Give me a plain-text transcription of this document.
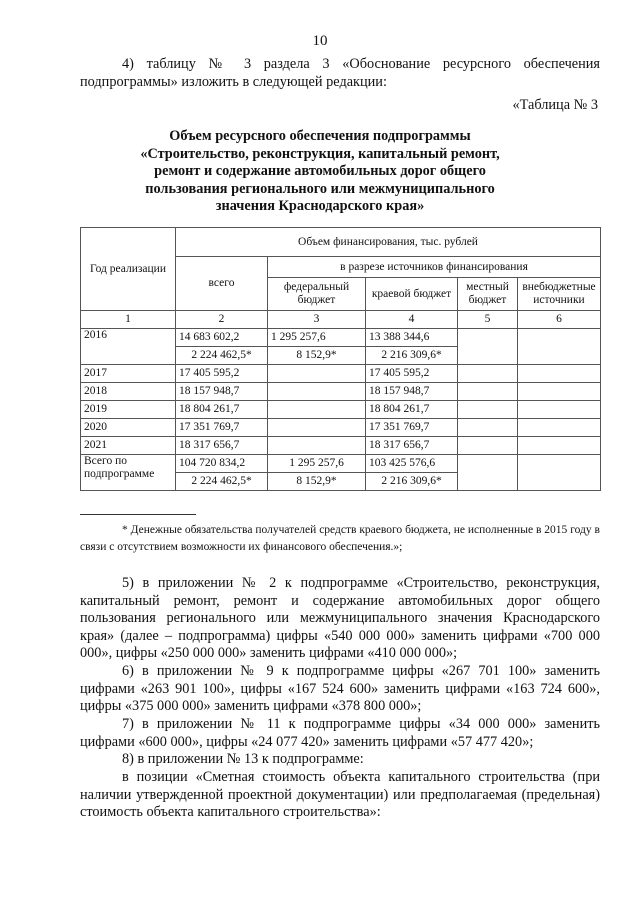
10
4) таблицу № 3 раздела 3 «Обоснование ресурсного обеспечения
подпрограммы» изложить в следующей редакции:
«Таблица № 3
Объем ресурсного обеспечения подпрограммы
«Строительство, реконструкция, капитальный ремонт,
ремонт и содержание автомобильных дорог общего
пользования регионального или межмуниципального
значения Краснодарского края»
Год реализации	Объем финансирования, тыс. рублей				
	всего	в разрезе источников финансирования			
		федеральный бюджет	краевой бюджет	местный бюджет	внебюджетные источники
1	2	3	4	5	6
2016	14 683 602,2	1 295 257,6	13 388 344,6		
	2 224 462,5*	8 152,9*	2 216 309,6*		
2017	17 405 595,2		17 405 595,2		
2018	18 157 948,7		18 157 948,7		
2019	18 804 261,7		18 804 261,7		
2020	17 351 769,7		17 351 769,7		
2021	18 317 656,7		18 317 656,7		
Всего по подпрограмме	104 720 834,2	1 295 257,6	103 425 576,6		
	2 224 462,5*	8 152,9*	2 216 309,6*		
* Денежные обязательства получателей средств краевого бюджета, не исполненные в 2015 году в связи с отсутствием возможности их финансового обеспечения.»;
5) в приложении № 2 к подпрограмме «Строительство, реконструкция, капитальный ремонт, ремонт и содержание автомобильных дорог общего пользования регионального или межмуниципального значения Краснодарского края» (далее – подпрограмма) цифры «540 000 000» заменить цифрами «700 000 000», цифры «250 000 000» заменить цифрами «410 000 000»;
6) в приложении № 9 к подпрограмме цифры «267 701 100» заменить цифрами «263 901 100», цифры «167 524 600» заменить цифрами «163 724 600», цифры «375 000 000» заменить цифрами «378 800 000»;
7) в приложении № 11 к подпрограмме цифры «34 000 000» заменить цифрами «600 000», цифры «24 077 420» заменить цифрами «57 477 420»;
8) в приложении № 13 к подпрограмме:
в позиции «Сметная стоимость объекта капитального строительства (при наличии утвержденной проектной документации) или предполагаемая (предельная) стоимость объекта капитального строительства»:
